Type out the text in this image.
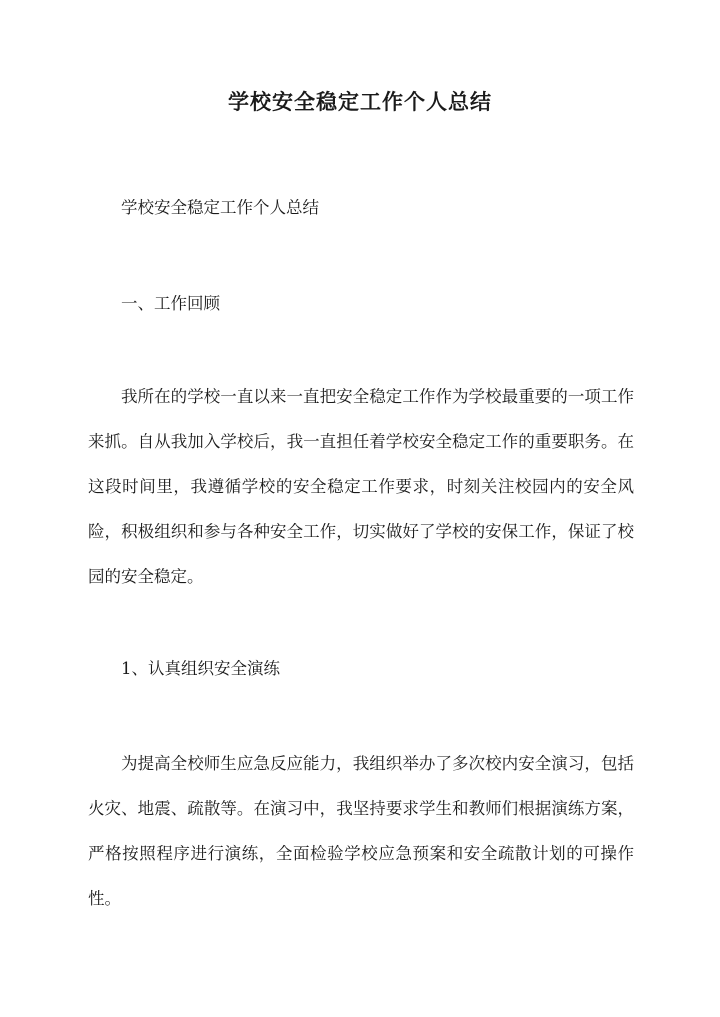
学校安全稳定工作个人总结
学校安全稳定工作个人总结
一、工作回顾
我所在的学校一直以来一直把安全稳定工作作为学校最重要的一项工作来抓。自从我加入学校后，我一直担任着学校安全稳定工作的重要职务。在这段时间里，我遵循学校的安全稳定工作要求，时刻关注校园内的安全风险，积极组织和参与各种安全工作，切实做好了学校的安保工作，保证了校园的安全稳定。
1、认真组织安全演练
为提高全校师生应急反应能力，我组织举办了多次校内安全演习，包括火灾、地震、疏散等。在演习中，我坚持要求学生和教师们根据演练方案，严格按照程序进行演练，全面检验学校应急预案和安全疏散计划的可操作性。
